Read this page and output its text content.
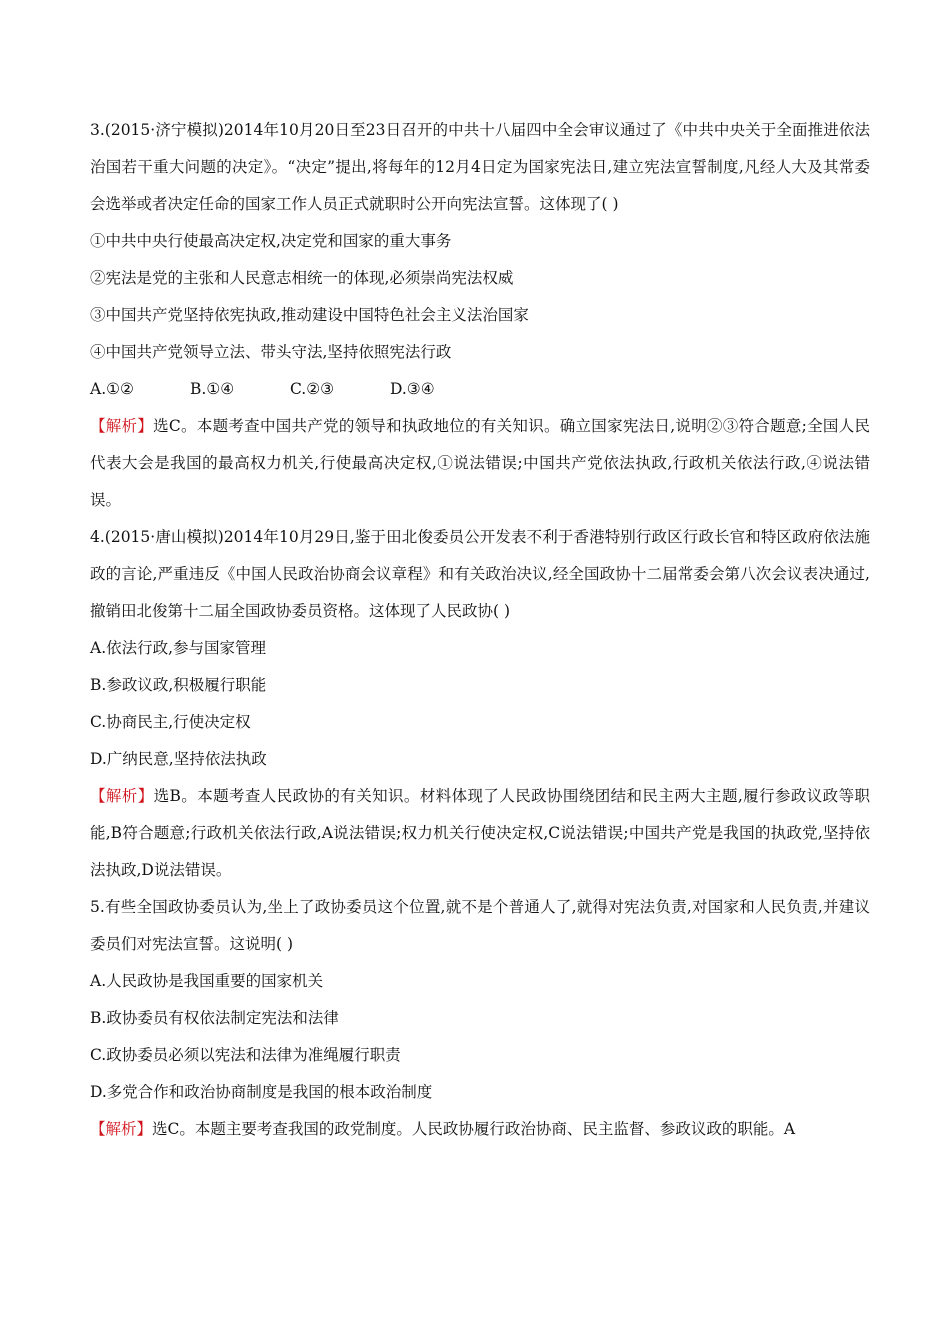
3.(2015·济宁模拟)2014年10月20日至23日召开的中共十八届四中全会审议通过了《中共中央关于全面推进依法治国若干重大问题的决定》。“决定”提出,将每年的12月4日定为国家宪法日,建立宪法宣誓制度,凡经人大及其常委会选举或者决定任命的国家工作人员正式就职时公开向宪法宣誓。这体现了( )

①中共中央行使最高决定权,决定党和国家的重大事务

②宪法是党的主张和人民意志相统一的体现,必须崇尚宪法权威

③中国共产党坚持依宪执政,推动建设中国特色社会主义法治国家

④中国共产党领导立法、带头守法,坚持依照宪法行政

A.①②	B.①④	C.②③	D.③④

【解析】选C。本题考查中国共产党的领导和执政地位的有关知识。确立国家宪法日,说明②③符合题意;全国人民代表大会是我国的最高权力机关,行使最高决定权,①说法错误;中国共产党依法执政,行政机关依法行政,④说法错误。

4.(2015·唐山模拟)2014年10月29日,鉴于田北俊委员公开发表不利于香港特别行政区行政长官和特区政府依法施政的言论,严重违反《中国人民政治协商会议章程》和有关政治决议,经全国政协十二届常委会第八次会议表决通过,撤销田北俊第十二届全国政协委员资格。这体现了人民政协( )

A.依法行政,参与国家管理

B.参政议政,积极履行职能

C.协商民主,行使决定权

D.广纳民意,坚持依法执政

【解析】选B。本题考查人民政协的有关知识。材料体现了人民政协围绕团结和民主两大主题,履行参政议政等职能,B符合题意;行政机关依法行政,A说法错误;权力机关行使决定权,C说法错误;中国共产党是我国的执政党,坚持依法执政,D说法错误。

5.有些全国政协委员认为,坐上了政协委员这个位置,就不是个普通人了,就得对宪法负责,对国家和人民负责,并建议委员们对宪法宣誓。这说明( )

A.人民政协是我国重要的国家机关

B.政协委员有权依法制定宪法和法律

C.政协委员必须以宪法和法律为准绳履行职责

D.多党合作和政治协商制度是我国的根本政治制度

【解析】选C。本题主要考查我国的政党制度。人民政协履行政治协商、民主监督、参政议政的职能。A
